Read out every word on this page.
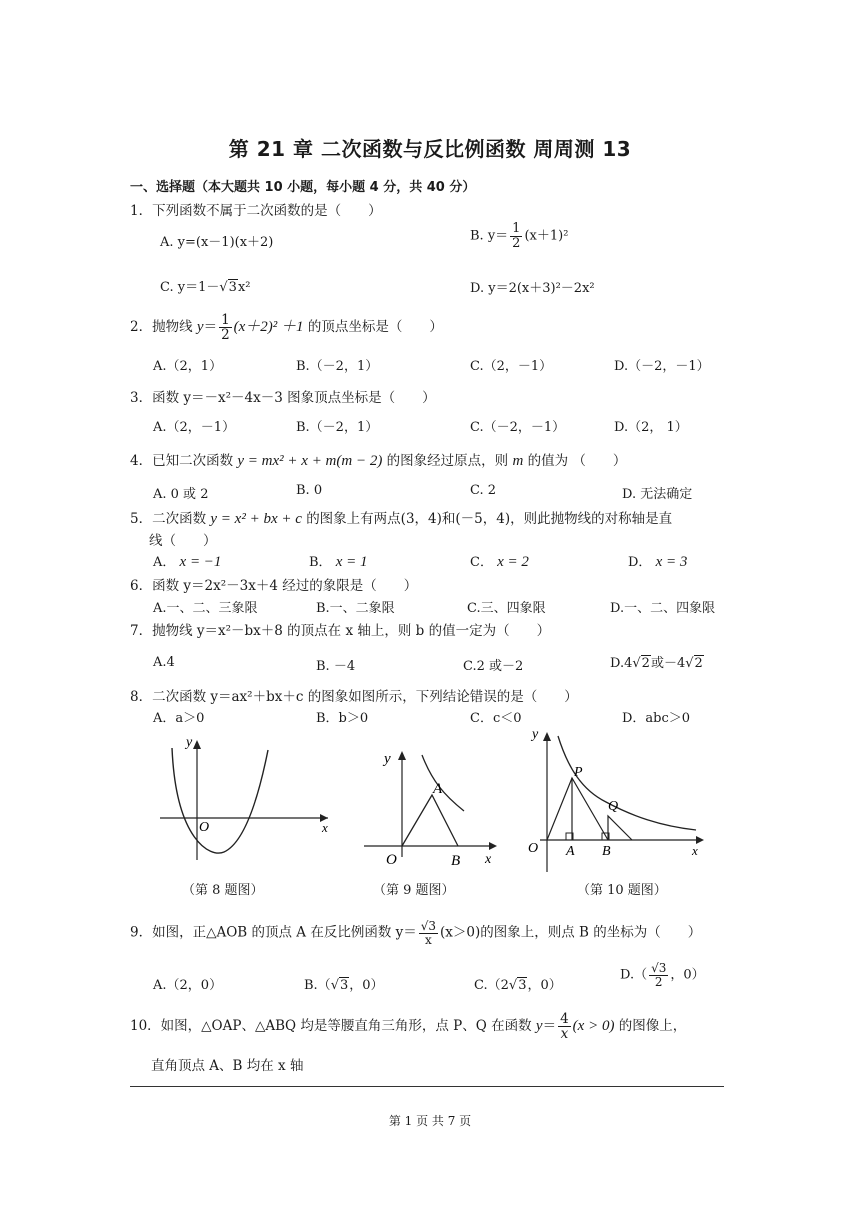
第 21 章 二次函数与反比例函数 周周测 13
一、选择题（本大题共 10 小题，每小题 4 分，共 40 分）
1．下列函数不属于二次函数的是（　　）
A. y=(x－1)(x＋2)	B. $y= \frac{1}{2} (x+1)^2$
C. y＝1－√3x²	D. y＝2(x＋3)²－2x²
2．抛物线 $y= \frac{1}{2} (x+2)^2 +1$ 的顶点坐标是（　　）
A.（2，1）	B.（－2，1）	C.（2，－1）	D.（－2，－1）
3．函数 y＝－x²－4x－3 图象顶点坐标是（　　）
A.（2，－1）	B.（－2，1）	C.（－2，－1）	D.（2， 1）
4．已知二次函数 y = mx² + x + m(m − 2) 的图象经过原点，则 m 的值为 （　　）
A. 0 或 2	B. 0	C. 2	D. 无法确定
5．二次函数 y = x² + bx + c 的图象上有两点(3，4)和(－5，4)，则此抛物线的对称轴是直
线（　　）
A． x = −1	B． x = 1	C． x = 2	D． x = 3
6．函数 y＝2x²－3x＋4 经过的象限是（　　）
A.一、二、三象限	B.一、二象限	C.三、四象限	D.一、二、四象限
7．抛物线 y＝x²－bx＋8 的顶点在 x 轴上，则 b 的值一定为（　　）
A.4	B. －4	C.2 或－2	D.4√2或－4√2
8．二次函数 y＝ax²＋bx＋c 的图象如图所示，下列结论错误的是（　　）
A．a＞0	B．b＞0	C．c＜0	D．abc＞0
y
x
O
（第 8 题图）
y
x
O
A
B
（第 9 题图）
y
x
O
P
Q
A B
（第 10 题图）
9．如图，正△AOB 的顶点 A 在反比例函数 $y= \frac{√3}{x} (x>0)$的图象上，则点 B 的坐标为（　　）
A.（2，0）	B.（√3，0）	C.（2√3，0）
$D.( \frac{√3}{2}$ ，0）
10．如图，△OAP、△ABQ 均是等腰直角三角形，点 P、Q 在函数 $y= \frac{4}{x} (x > 0)$ 的图像上，
直角顶点 A、B 均在 x 轴
第 1 页 共 7 页
